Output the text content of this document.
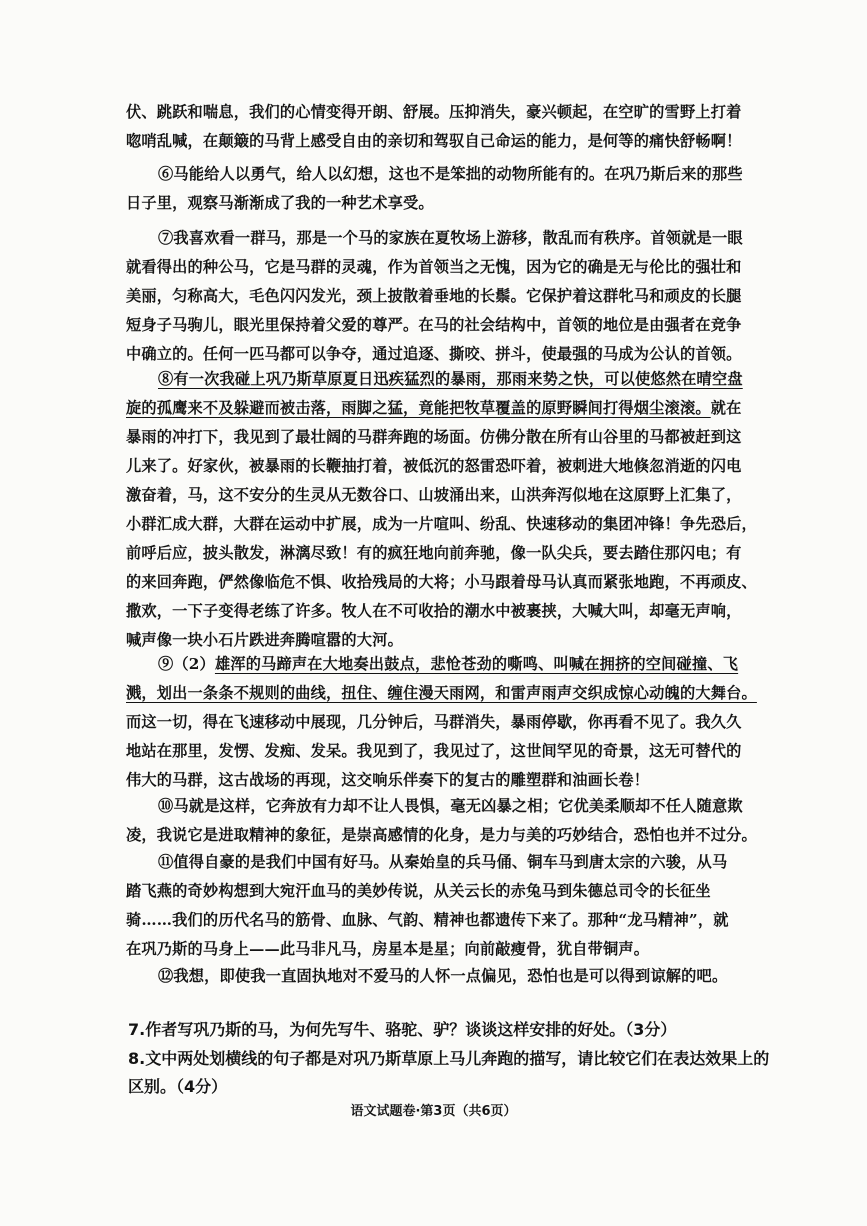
伏、跳跃和喘息，我们的心情变得开朗、舒展。压抑消失，豪兴顿起，在空旷的雪野上打着
唿哨乱喊，在颠簸的马背上感受自由的亲切和驾驭自己命运的能力，是何等的痛快舒畅啊！

⑥马能给人以勇气，给人以幻想，这也不是笨拙的动物所能有的。在巩乃斯后来的那些
日子里，观察马渐渐成了我的一种艺术享受。

⑦我喜欢看一群马，那是一个马的家族在夏牧场上游移，散乱而有秩序。首领就是一眼
就看得出的种公马，它是马群的灵魂，作为首领当之无愧，因为它的确是无与伦比的强壮和
美丽，匀称高大，毛色闪闪发光，颈上披散着垂地的长鬃。它保护着这群牝马和顽皮的长腿
短身子马驹儿，眼光里保持着父爱的尊严。在马的社会结构中，首领的地位是由强者在竞争
中确立的。任何一匹马都可以争夺，通过追逐、撕咬、拼斗，使最强的马成为公认的首领。

⑧有一次我碰上巩乃斯草原夏日迅疾猛烈的暴雨，那雨来势之快，可以使悠然在晴空盘
旋的孤鹰来不及躲避而被击落，雨脚之猛，竟能把牧草覆盖的原野瞬间打得烟尘滚滚。就在
暴雨的冲打下，我见到了最壮阔的马群奔跑的场面。仿佛分散在所有山谷里的马都被赶到这
儿来了。好家伙，被暴雨的长鞭抽打着，被低沉的怒雷恐吓着，被刺进大地倏忽消逝的闪电
激奋着，马，这不安分的生灵从无数谷口、山坡涌出来，山洪奔泻似地在这原野上汇集了，
小群汇成大群，大群在运动中扩展，成为一片喧叫、纷乱、快速移动的集团冲锋！争先恐后，
前呼后应，披头散发，淋漓尽致！有的疯狂地向前奔驰，像一队尖兵，要去踏住那闪电；有
的来回奔跑，俨然像临危不惧、收拾残局的大将；小马跟着母马认真而紧张地跑，不再顽皮、
撒欢，一下子变得老练了许多。牧人在不可收拾的潮水中被裹挟，大喊大叫，却毫无声响，
喊声像一块小石片跌进奔腾喧嚣的大河。

⑨（2）雄浑的马蹄声在大地奏出鼓点，悲怆苍劲的嘶鸣、叫喊在拥挤的空间碰撞、飞
溅，划出一条条不规则的曲线，扭住、缠住漫天雨网，和雷声雨声交织成惊心动魄的大舞台。
而这一切，得在飞速移动中展现，几分钟后，马群消失，暴雨停歇，你再看不见了。我久久
地站在那里，发愣、发痴、发呆。我见到了，我见过了，这世间罕见的奇景，这无可替代的
伟大的马群，这古战场的再现，这交响乐伴奏下的复古的雕塑群和油画长卷！

⑩马就是这样，它奔放有力却不让人畏惧，毫无凶暴之相；它优美柔顺却不任人随意欺
凌，我说它是进取精神的象征，是崇高感情的化身，是力与美的巧妙结合，恐怕也并不过分。

⑪值得自豪的是我们中国有好马。从秦始皇的兵马俑、铜车马到唐太宗的六骏，从马
踏飞燕的奇妙构想到大宛汗血马的美妙传说，从关云长的赤兔马到朱德总司令的长征坐
骑……我们的历代名马的筋骨、血脉、气韵、精神也都遗传下来了。那种“龙马精神”，就
在巩乃斯的马身上——此马非凡马，房星本是星；向前敲瘦骨，犹自带铜声。

⑫我想，即使我一直固执地对不爱马的人怀一点偏见，恐怕也是可以得到谅解的吧。

7.作者写巩乃斯的马，为何先写牛、骆驼、驴？谈谈这样安排的好处。（3分）

8.文中两处划横线的句子都是对巩乃斯草原上马儿奔跑的描写，请比较它们在表达效果上的
区别。（4分）

语文试题卷·第3页（共6页）
